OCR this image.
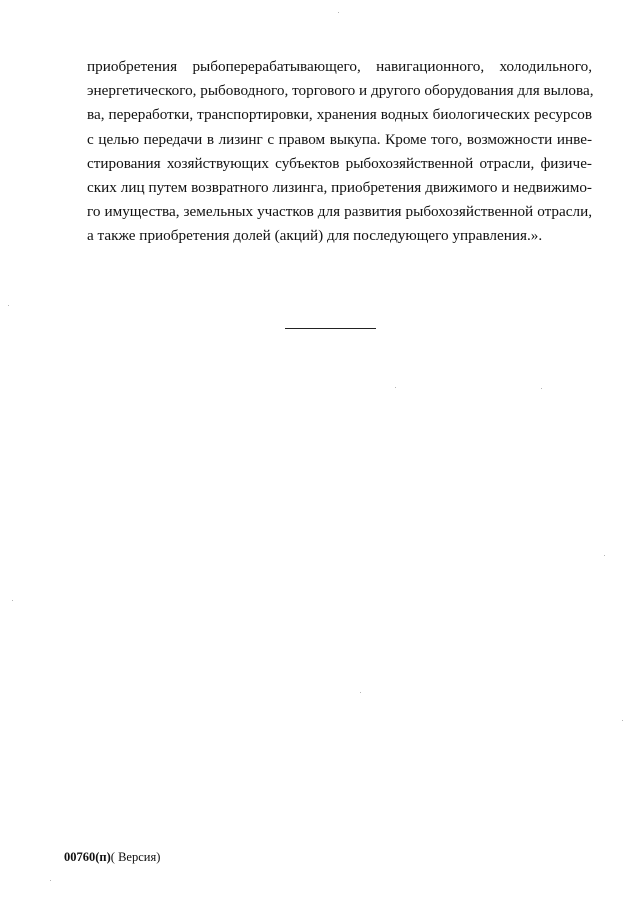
приобретения рыбоперерабатывающего, навигационного, холодильного,
энергетического, рыбоводного, торгового и другого оборудования для вылова,
ва, переработки, транспортировки, хранения водных биологических ресурсов
с целью передачи в лизинг с правом выкупа. Кроме того, возможности инве-
стирования хозяйствующих субъектов рыбохозяйственной отрасли, физиче-
ских лиц путем возвратного лизинга, приобретения движимого и недвижимо-
го имущества, земельных участков для развития рыбохозяйственной отрасли,
а также приобретения долей (акций) для последующего управления.».
00760(п)( Версия)
